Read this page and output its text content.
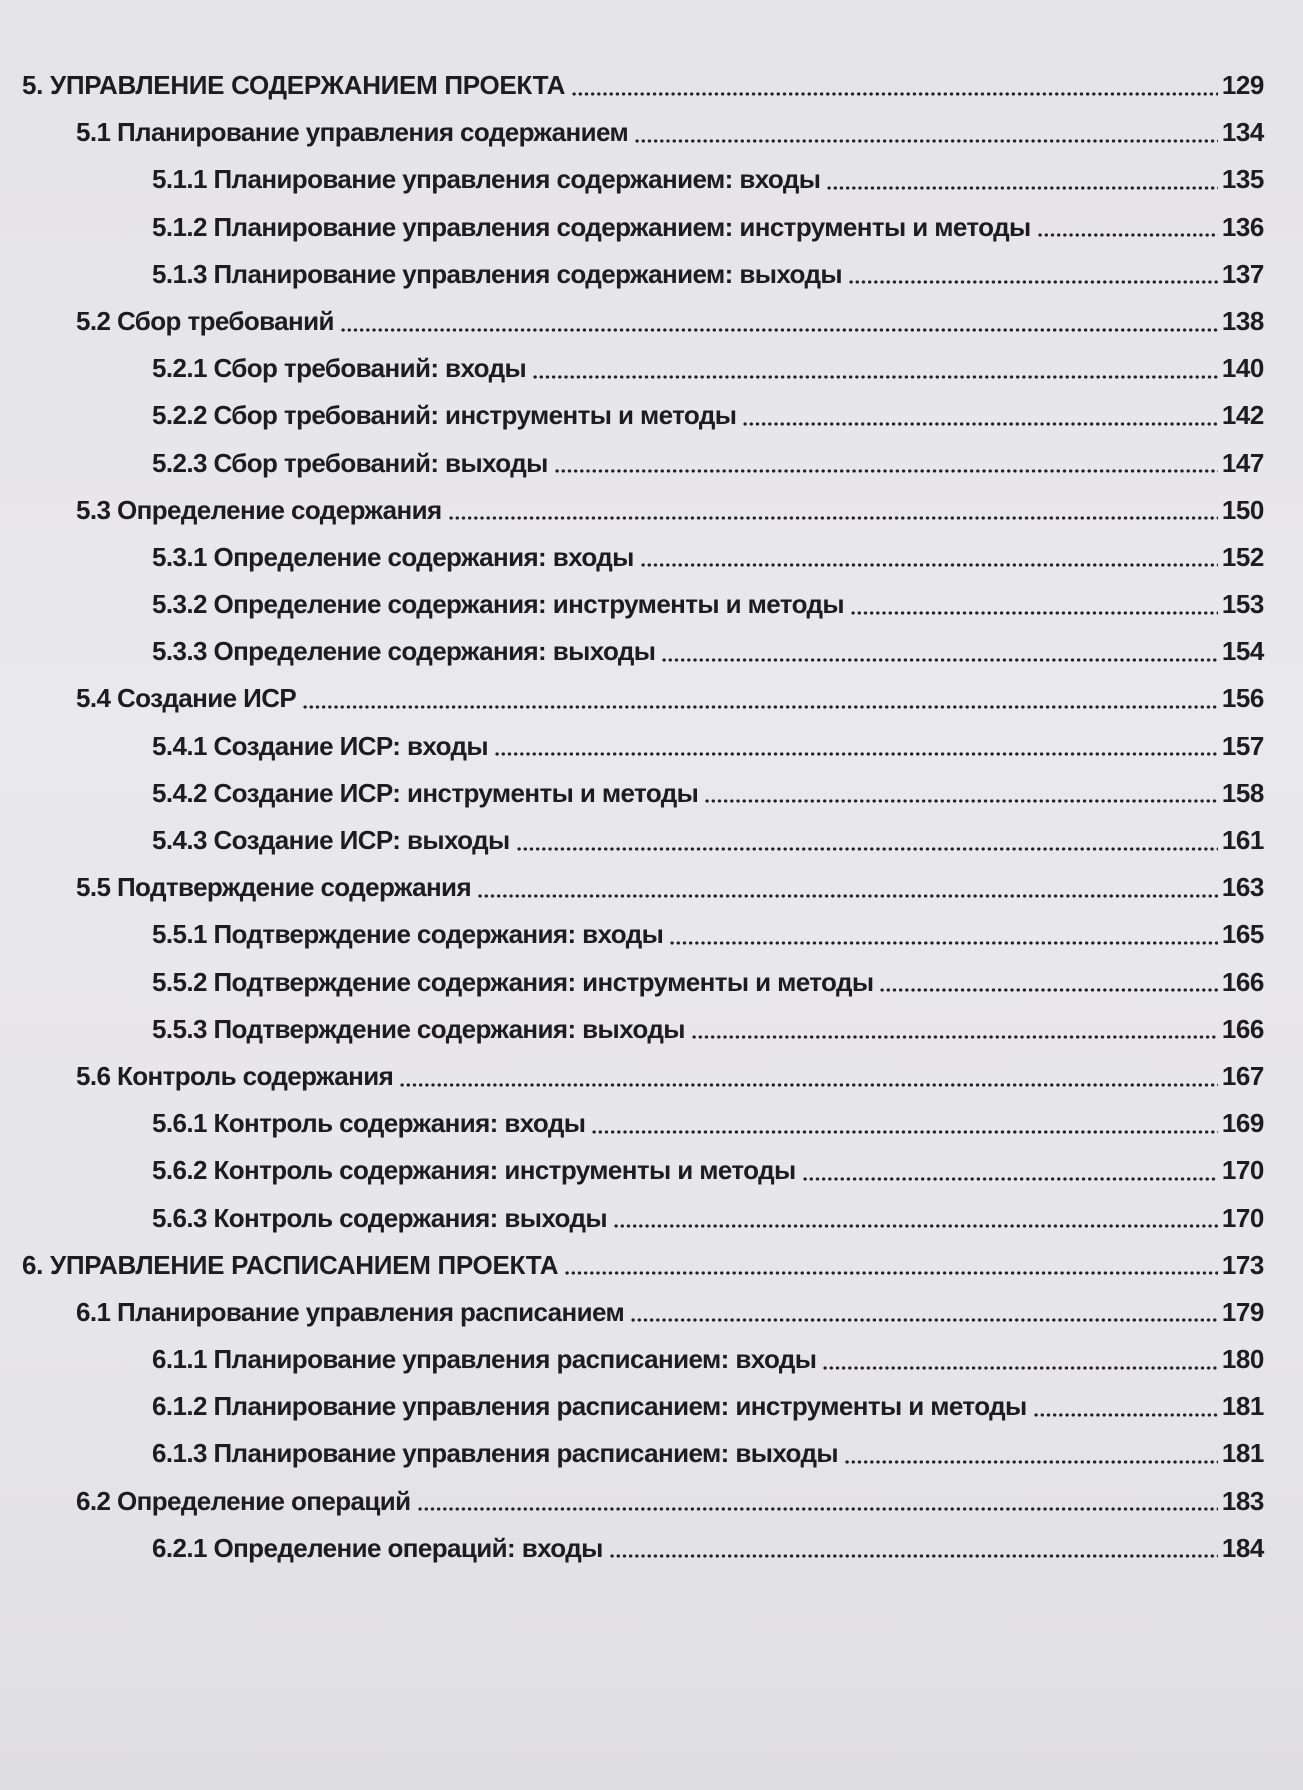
5. УПРАВЛЕНИЕ СОДЕРЖАНИЕМ ПРОЕКТА	129
5.1 Планирование управления содержанием	134
5.1.1 Планирование управления содержанием: входы	135
5.1.2 Планирование управления содержанием: инструменты и методы	136
5.1.3 Планирование управления содержанием: выходы	137
5.2 Сбор требований	138
5.2.1 Сбор требований: входы	140
5.2.2 Сбор требований: инструменты и методы	142
5.2.3 Сбор требований: выходы	147
5.3 Определение содержания	150
5.3.1 Определение содержания: входы	152
5.3.2 Определение содержания: инструменты и методы	153
5.3.3 Определение содержания: выходы	154
5.4 Создание ИСР	156
5.4.1 Создание ИСР: входы	157
5.4.2 Создание ИСР: инструменты и методы	158
5.4.3 Создание ИСР: выходы	161
5.5 Подтверждение содержания	163
5.5.1 Подтверждение содержания: входы	165
5.5.2 Подтверждение содержания: инструменты и методы	166
5.5.3 Подтверждение содержания: выходы	166
5.6 Контроль содержания	167
5.6.1 Контроль содержания: входы	169
5.6.2 Контроль содержания: инструменты и методы	170
5.6.3 Контроль содержания: выходы	170
6. УПРАВЛЕНИЕ РАСПИСАНИЕМ ПРОЕКТА	173
6.1 Планирование управления расписанием	179
6.1.1 Планирование управления расписанием: входы	180
6.1.2 Планирование управления расписанием: инструменты и методы	181
6.1.3 Планирование управления расписанием: выходы	181
6.2 Определение операций	183
6.2.1 Определение операций: входы	184
